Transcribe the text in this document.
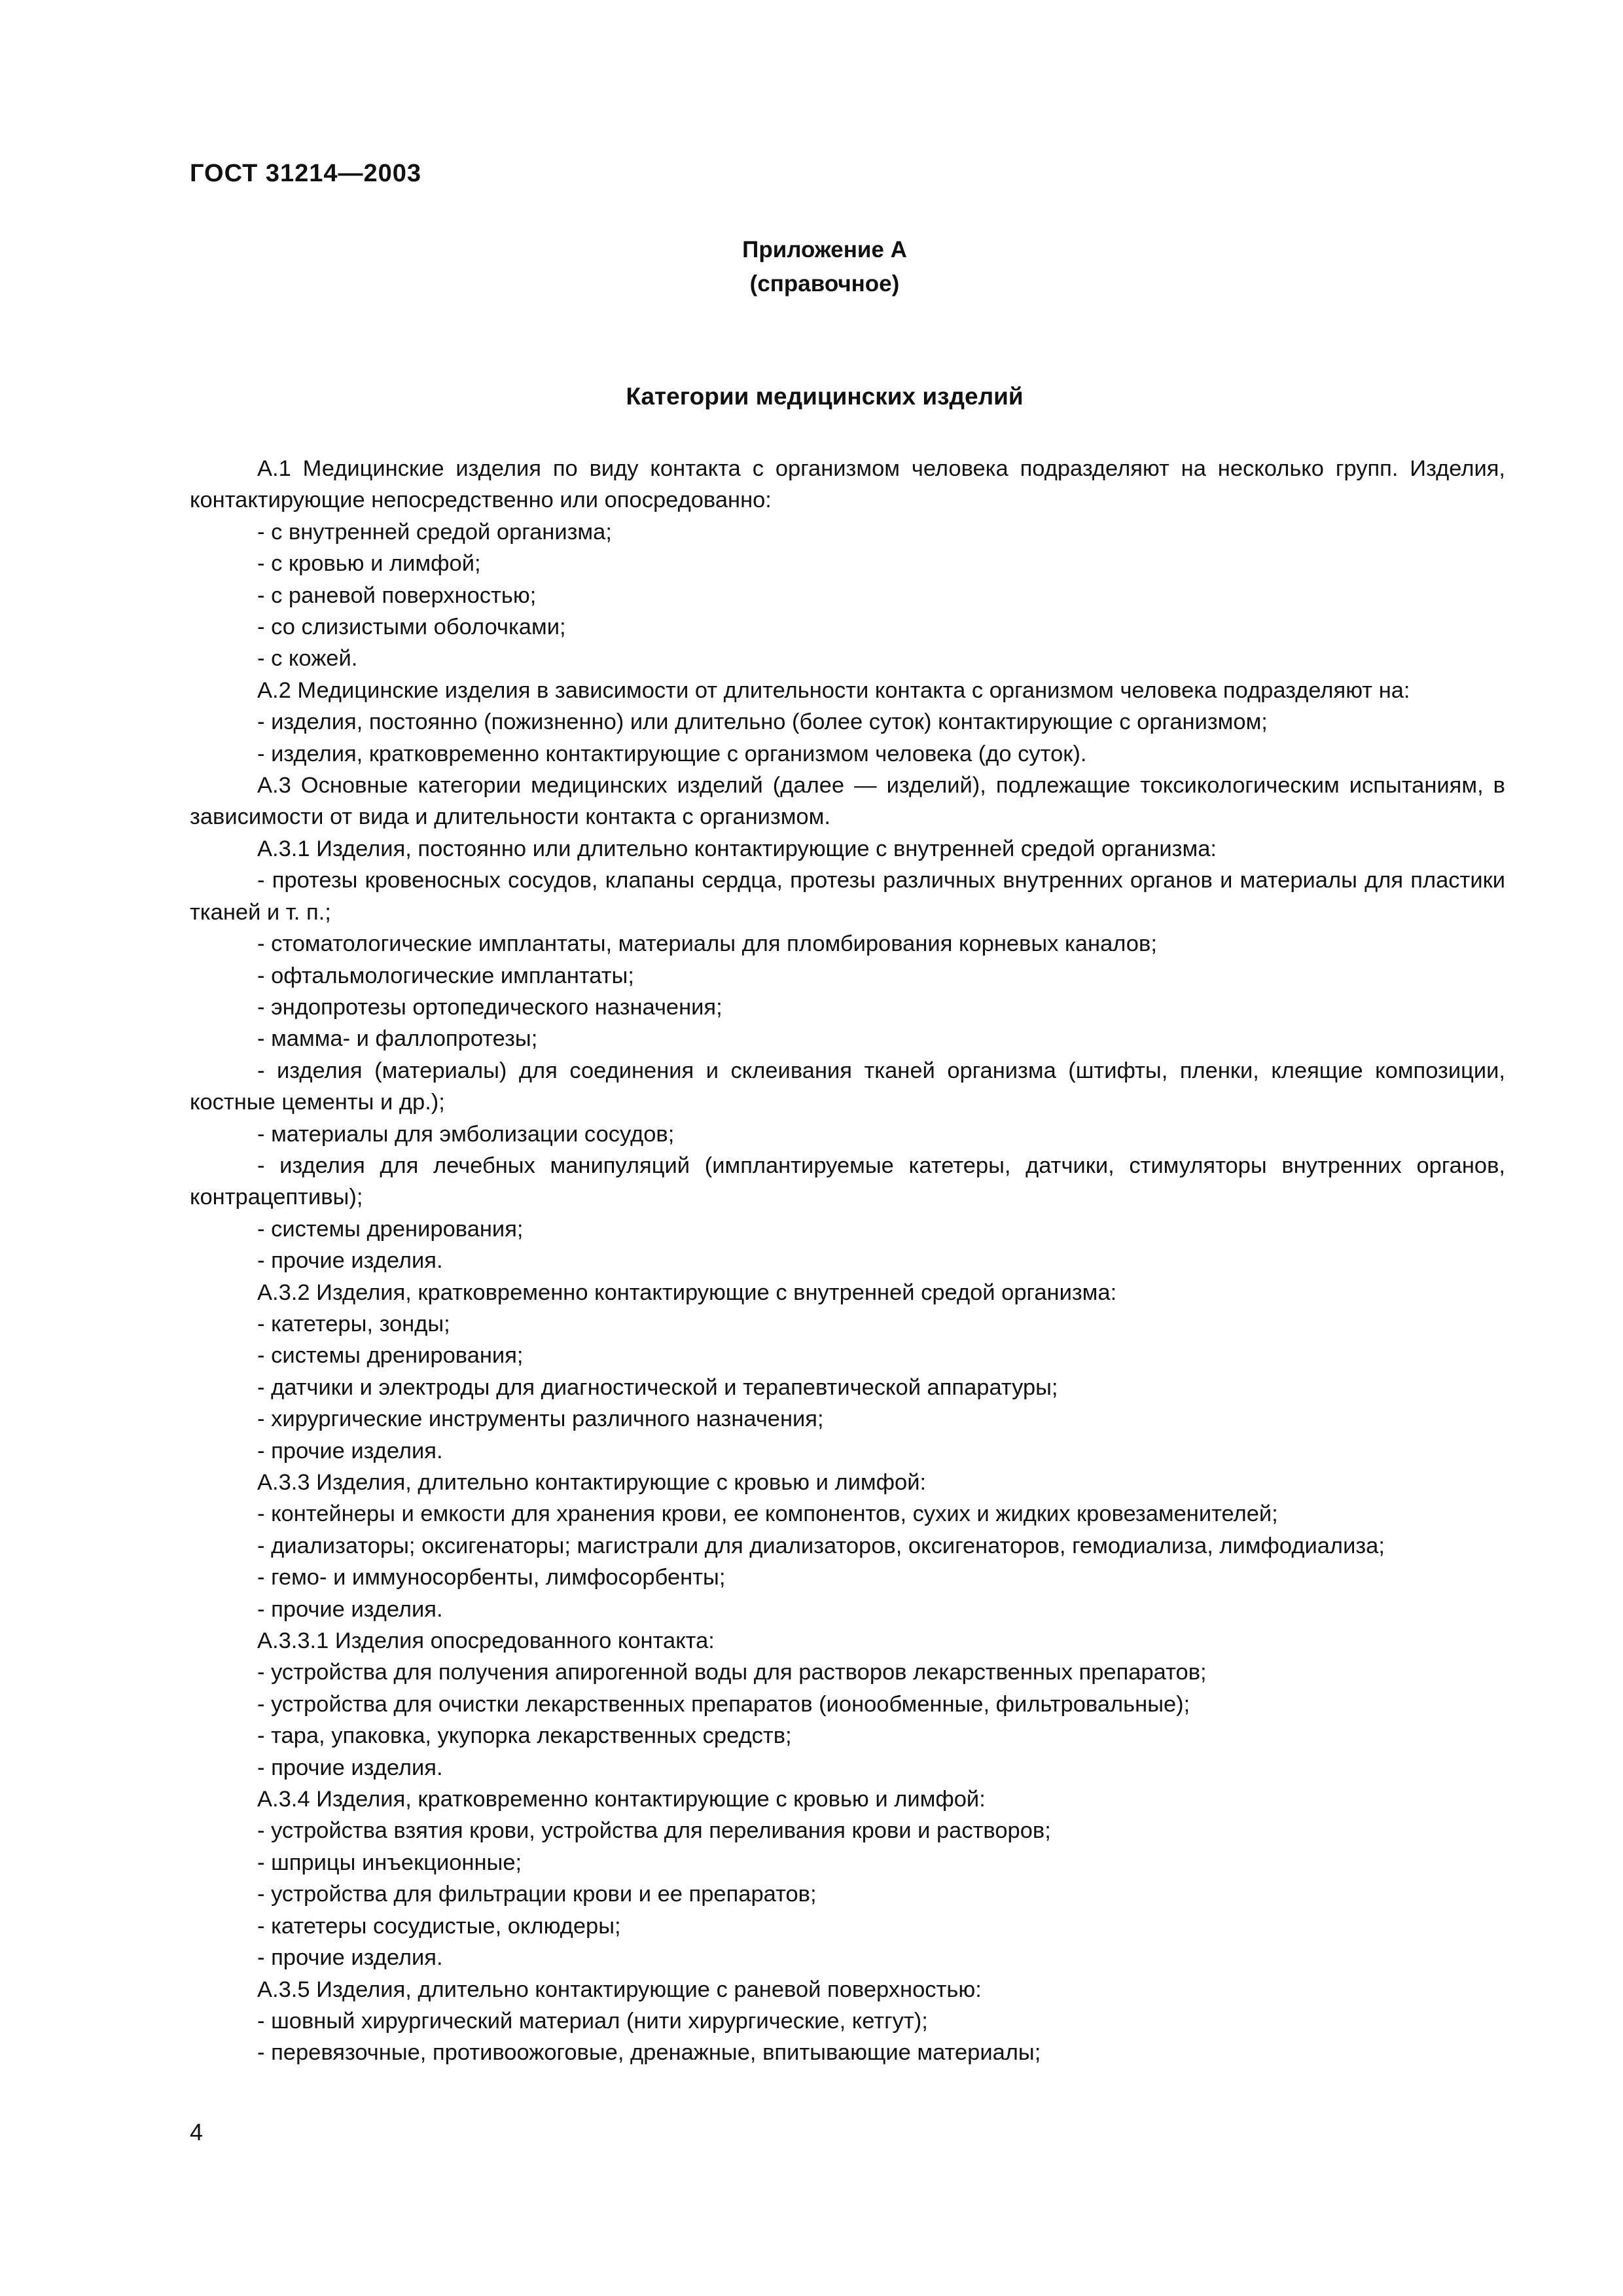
ГОСТ 31214—2003
Приложение А
(справочное)
Категории медицинских изделий

А.1 Медицинские изделия по виду контакта с организмом человека подразделяют на несколько групп. Изделия, контактирующие непосредственно или опосредованно:

- с внутренней средой организма;

- с кровью и лимфой;

- с раневой поверхностью;

- со слизистыми оболочками;

- с кожей.

А.2 Медицинские изделия в зависимости от длительности контакта с организмом человека подразделяют на:

- изделия, постоянно (пожизненно) или длительно (более суток) контактирующие с организмом;

- изделия, кратковременно контактирующие с организмом человека (до суток).

А.3 Основные категории медицинских изделий (далее — изделий), подлежащие токсикологическим испытаниям, в зависимости от вида и длительности контакта с организмом.

А.3.1 Изделия, постоянно или длительно контактирующие с внутренней средой организма:

- протезы кровеносных сосудов, клапаны сердца, протезы различных внутренних органов и материалы для пластики тканей и т. п.;

- стоматологические имплантаты, материалы для пломбирования корневых каналов;

- офтальмологические имплантаты;

- эндопротезы ортопедического назначения;

- мамма- и фаллопротезы;

- изделия (материалы) для соединения и склеивания тканей организма (штифты, пленки, клеящие композиции, костные цементы и др.);

- материалы для эмболизации сосудов;

- изделия для лечебных манипуляций (имплантируемые катетеры, датчики, стимуляторы внутренних органов, контрацептивы);

- системы дренирования;

- прочие изделия.

А.3.2 Изделия, кратковременно контактирующие с внутренней средой организма:

- катетеры, зонды;

- системы дренирования;

- датчики и электроды для диагностической и терапевтической аппаратуры;

- хирургические инструменты различного назначения;

- прочие изделия.

А.3.3 Изделия, длительно контактирующие с кровью и лимфой:

- контейнеры и емкости для хранения крови, ее компонентов, сухих и жидких кровезаменителей;

- диализаторы; оксигенаторы; магистрали для диализаторов, оксигенаторов, гемодиализа, лимфодиализа;

- гемо- и иммуносорбенты, лимфосорбенты;

- прочие изделия.

А.3.3.1 Изделия опосредованного контакта:

- устройства для получения апирогенной воды для растворов лекарственных препаратов;

- устройства для очистки лекарственных препаратов (ионообменные, фильтровальные);

- тара, упаковка, укупорка лекарственных средств;

- прочие изделия.

А.3.4 Изделия, кратковременно контактирующие с кровью и лимфой:

- устройства взятия крови, устройства для переливания крови и растворов;

- шприцы инъекционные;

- устройства для фильтрации крови и ее препаратов;

- катетеры сосудистые, оклюдеры;

- прочие изделия.

А.3.5 Изделия, длительно контактирующие с раневой поверхностью:

- шовный хирургический материал (нити хирургические, кетгут);

- перевязочные, противоожоговые, дренажные, впитывающие материалы;

4
